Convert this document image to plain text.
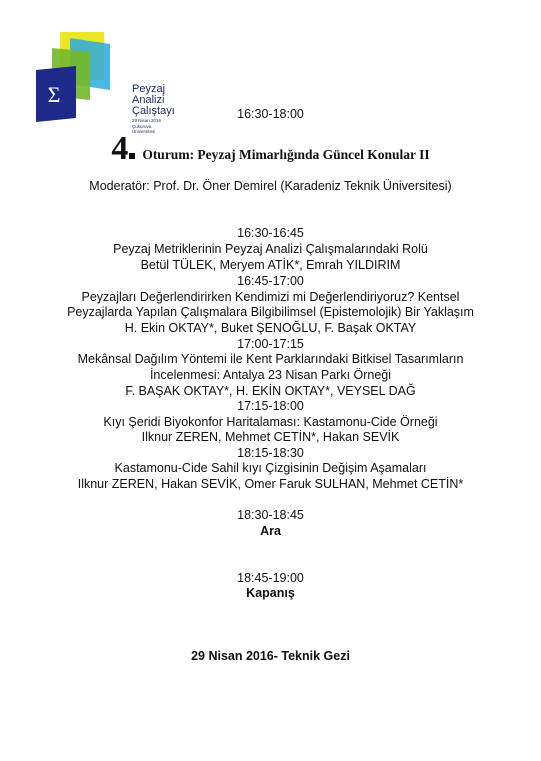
Σ	Peyzaj
Analizi
Çalıştayı
29 Nisan 2016
Çukurova Üniversitesi
16:30-18:00
4 Oturum: Peyzaj Mimarlığında Güncel Konular II
Moderatör: Prof. Dr. Öner Demirel (Karadeniz Teknik Üniversitesi)
16:30-16:45
Peyzaj Metriklerinin Peyzaj Analizi Çalışmalarındaki Rolü
Betül TÜLEK, Meryem ATİK*, Emrah YILDIRIM
16:45-17:00
Peyzajları Değerlendirirken Kendimizi mi Değerlendiriyoruz? Kentsel
Peyzajlarda Yapılan Çalışmalara Bilgibilimsel (Epistemolojik) Bir Yaklaşım
H. Ekin OKTAY*, Buket ŞENOĞLU, F. Başak OKTAY
17:00-17:15
Mekânsal Dağılım Yöntemi ile Kent Parklarındaki Bitkisel Tasarımların
İncelenmesi: Antalya 23 Nisan Parkı Örneği
F. BAŞAK OKTAY*, H. EKİN OKTAY*, VEYSEL DAĞ
17:15-18:00
Kıyı Şeridi Biyokonfor Haritalaması: Kastamonu-Cide Örneği
Ilknur ZEREN, Mehmet CETİN*, Hakan SEVİK
18:15-18:30
Kastamonu-Cide Sahil kıyı Çizgisinin Değişim Aşamaları
Ilknur ZEREN, Hakan SEVİK, Omer Faruk SULHAN, Mehmet CETİN*
18:30-18:45
Ara
18:45-19:00
Kapanış
29 Nisan 2016- Teknik Gezi
